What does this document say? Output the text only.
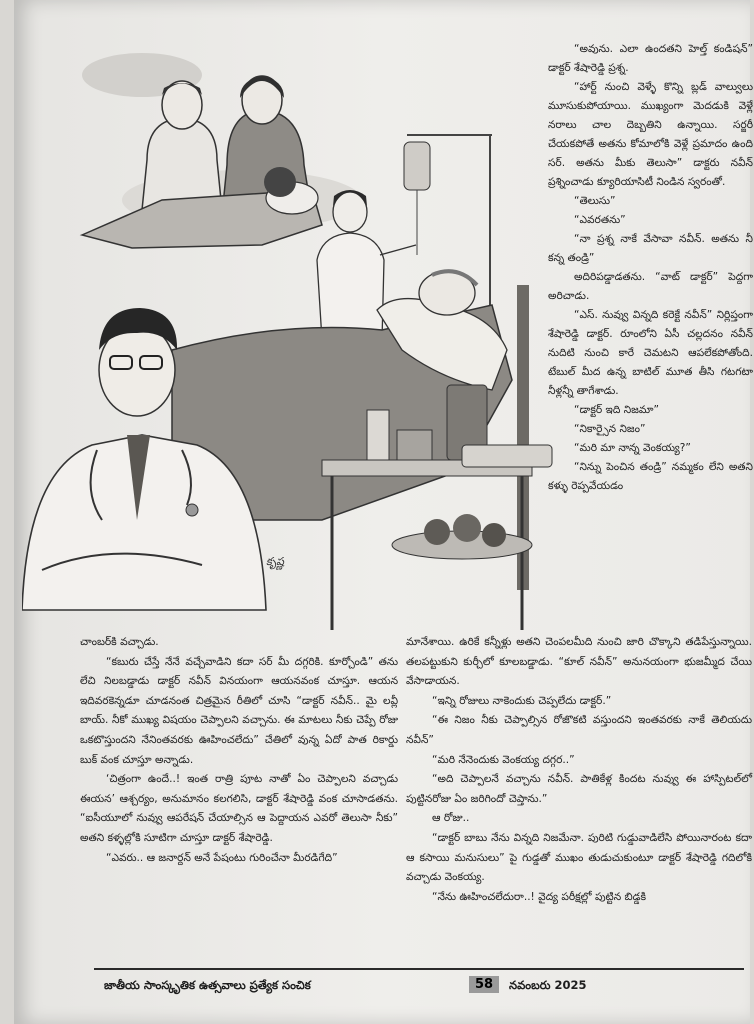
కృష్ణ

“అవును. ఎలా ఉందతని హెల్త్ కండిషన్” డాక్టర్ శేషారెడ్డి ప్రశ్న.

“హార్ట్ నుంచి వెళ్ళే కొన్ని బ్లడ్ వాల్వులు మూసుకుపోయాయి. ముఖ్యంగా మెదడుకి వెళ్లే నరాలు చాల దెబ్బతిని ఉన్నాయి. సర్జరీ చేయకపోతే అతను కోమాలోకి వెళ్లే ప్రమాదం ఉంది సర్. అతను మీకు తెలుసా” డాక్టరు నవీన్ ప్రశ్నించాడు క్యూరియాసిటీ నిండిన స్వరంతో.

“తెలుసు”

“ఎవరతను”

“నా ప్రశ్న నాకే వేసావా నవీన్. అతను నీ కన్న తండ్రి”

అదిరిపడ్డాడతను. “వాట్ డాక్టర్” పెద్దగా అరిచాడు.

“ఎస్. నువ్వు విన్నది కరెక్టే నవీన్” నిర్లిప్తంగా శేషారెడ్డి డాక్టర్. రూంలోని ఏసీ చల్లదనం నవీన్ నుదిటి నుంచి కారే చెమటని ఆపలేకపోతోంది. టేబుల్ మీద ఉన్న బాటిల్ మూత తీసి గటగటా నీళ్లన్నీ తాగేశాడు.

“డాక్టర్ ఇది నిజమా”

“నికార్సైన నిజం”

“మరి మా నాన్న వెంకయ్య?”

“నిన్ను పెంచిన తండ్రి” నమ్మకం లేని అతని కళ్ళు రెప్పవేయడం

చాంబర్‌కి వచ్చాడు.

“కబురు చేస్తే నేనే వచ్చేవాడిని కదా సర్ మీ దగ్గరికి. కూర్చోండి” తను లేచి నిలబడ్డాడు డాక్టర్ నవీన్ వినయంగా ఆయనవంక చూస్తూ. ఆయన ఇదివరకెన్నడూ చూడనంత చిత్రమైన రీతిలో చూసి “డాక్టర్ నవీన్.. మై లవ్లీ బాయ్. నీకో ముఖ్య విషయం చెప్పాలని వచ్చాను. ఈ మాటలు నీకు చెప్పే రోజు ఒకటొస్తుందని నేనింతవరకు ఊహించలేదు” చేతిలో వున్న ఏదో పాత రికార్డు బుక్ వంక చూస్తూ అన్నాడు.

‘చిత్రంగా ఉందే..! ఇంత రాత్రి పూట నాతో ఏం చెప్పాలని వచ్చాడు ఈయన’ ఆశ్చర్యం, అనుమానం కలగలిసి, డాక్టర్ శేషారెడ్డి వంక చూసాడతను. “ఐసీయూలో నువ్వు ఆపరేషన్ చేయాల్సిన ఆ పెద్దాయన ఎవరో తెలుసా నీకు” అతని కళ్ళల్లోకి సూటిగా చూస్తూ డాక్టర్ శేషారెడ్డి.

“ఎవరు.. ఆ జనార్దన్ అనే పేషంటు గురించేనా మీరడిగేది”

మానేశాయి. ఉరికే కన్నీళ్లు అతని చెంపలమీది నుంచి జారి చొక్కాని తడిపేస్తున్నాయి. తలపట్టుకుని కుర్చీలో కూలబడ్డాడు. “కూల్ నవీన్” అనునయంగా భుజమ్మీద చేయి వేసాడాయన.

“ఇన్ని రోజులు నాకెందుకు చెప్పలేదు డాక్టర్.”

“ఈ నిజం నీకు చెప్పాల్సిన రోజొకటి వస్తుందని ఇంతవరకు నాకే తెలియదు నవీన్”

“మరి నేనెందుకు వెంకయ్య దగ్గర..”

“అది చెప్పాలనే వచ్చాను నవీన్. పాతికేళ్ల కిందట నువ్వు ఈ హాస్పిటల్‌లో పుట్టినరోజు ఏం జరిగిందో చెప్తాను.”

ఆ రోజు..

“డాక్టర్ బాబు నేను విన్నది నిజమేనా. పురిటి గుడ్డువాడిలేసి పోయినారంట కదా ఆ కసాయి మనుసులు” పై గుడ్డతో ముఖం తుడుచుకుంటూ డాక్టర్ శేషారెడ్డి గదిలోకి వచ్చాడు వెంకయ్య.

“నేను ఊహించలేదురా..! వైద్య పరీక్షల్లో పుట్టిన బిడ్డకి

జాతీయ సాంస్కృతిక ఉత్సవాలు ప్రత్యేక సంచిక	58	నవంబరు 2025
